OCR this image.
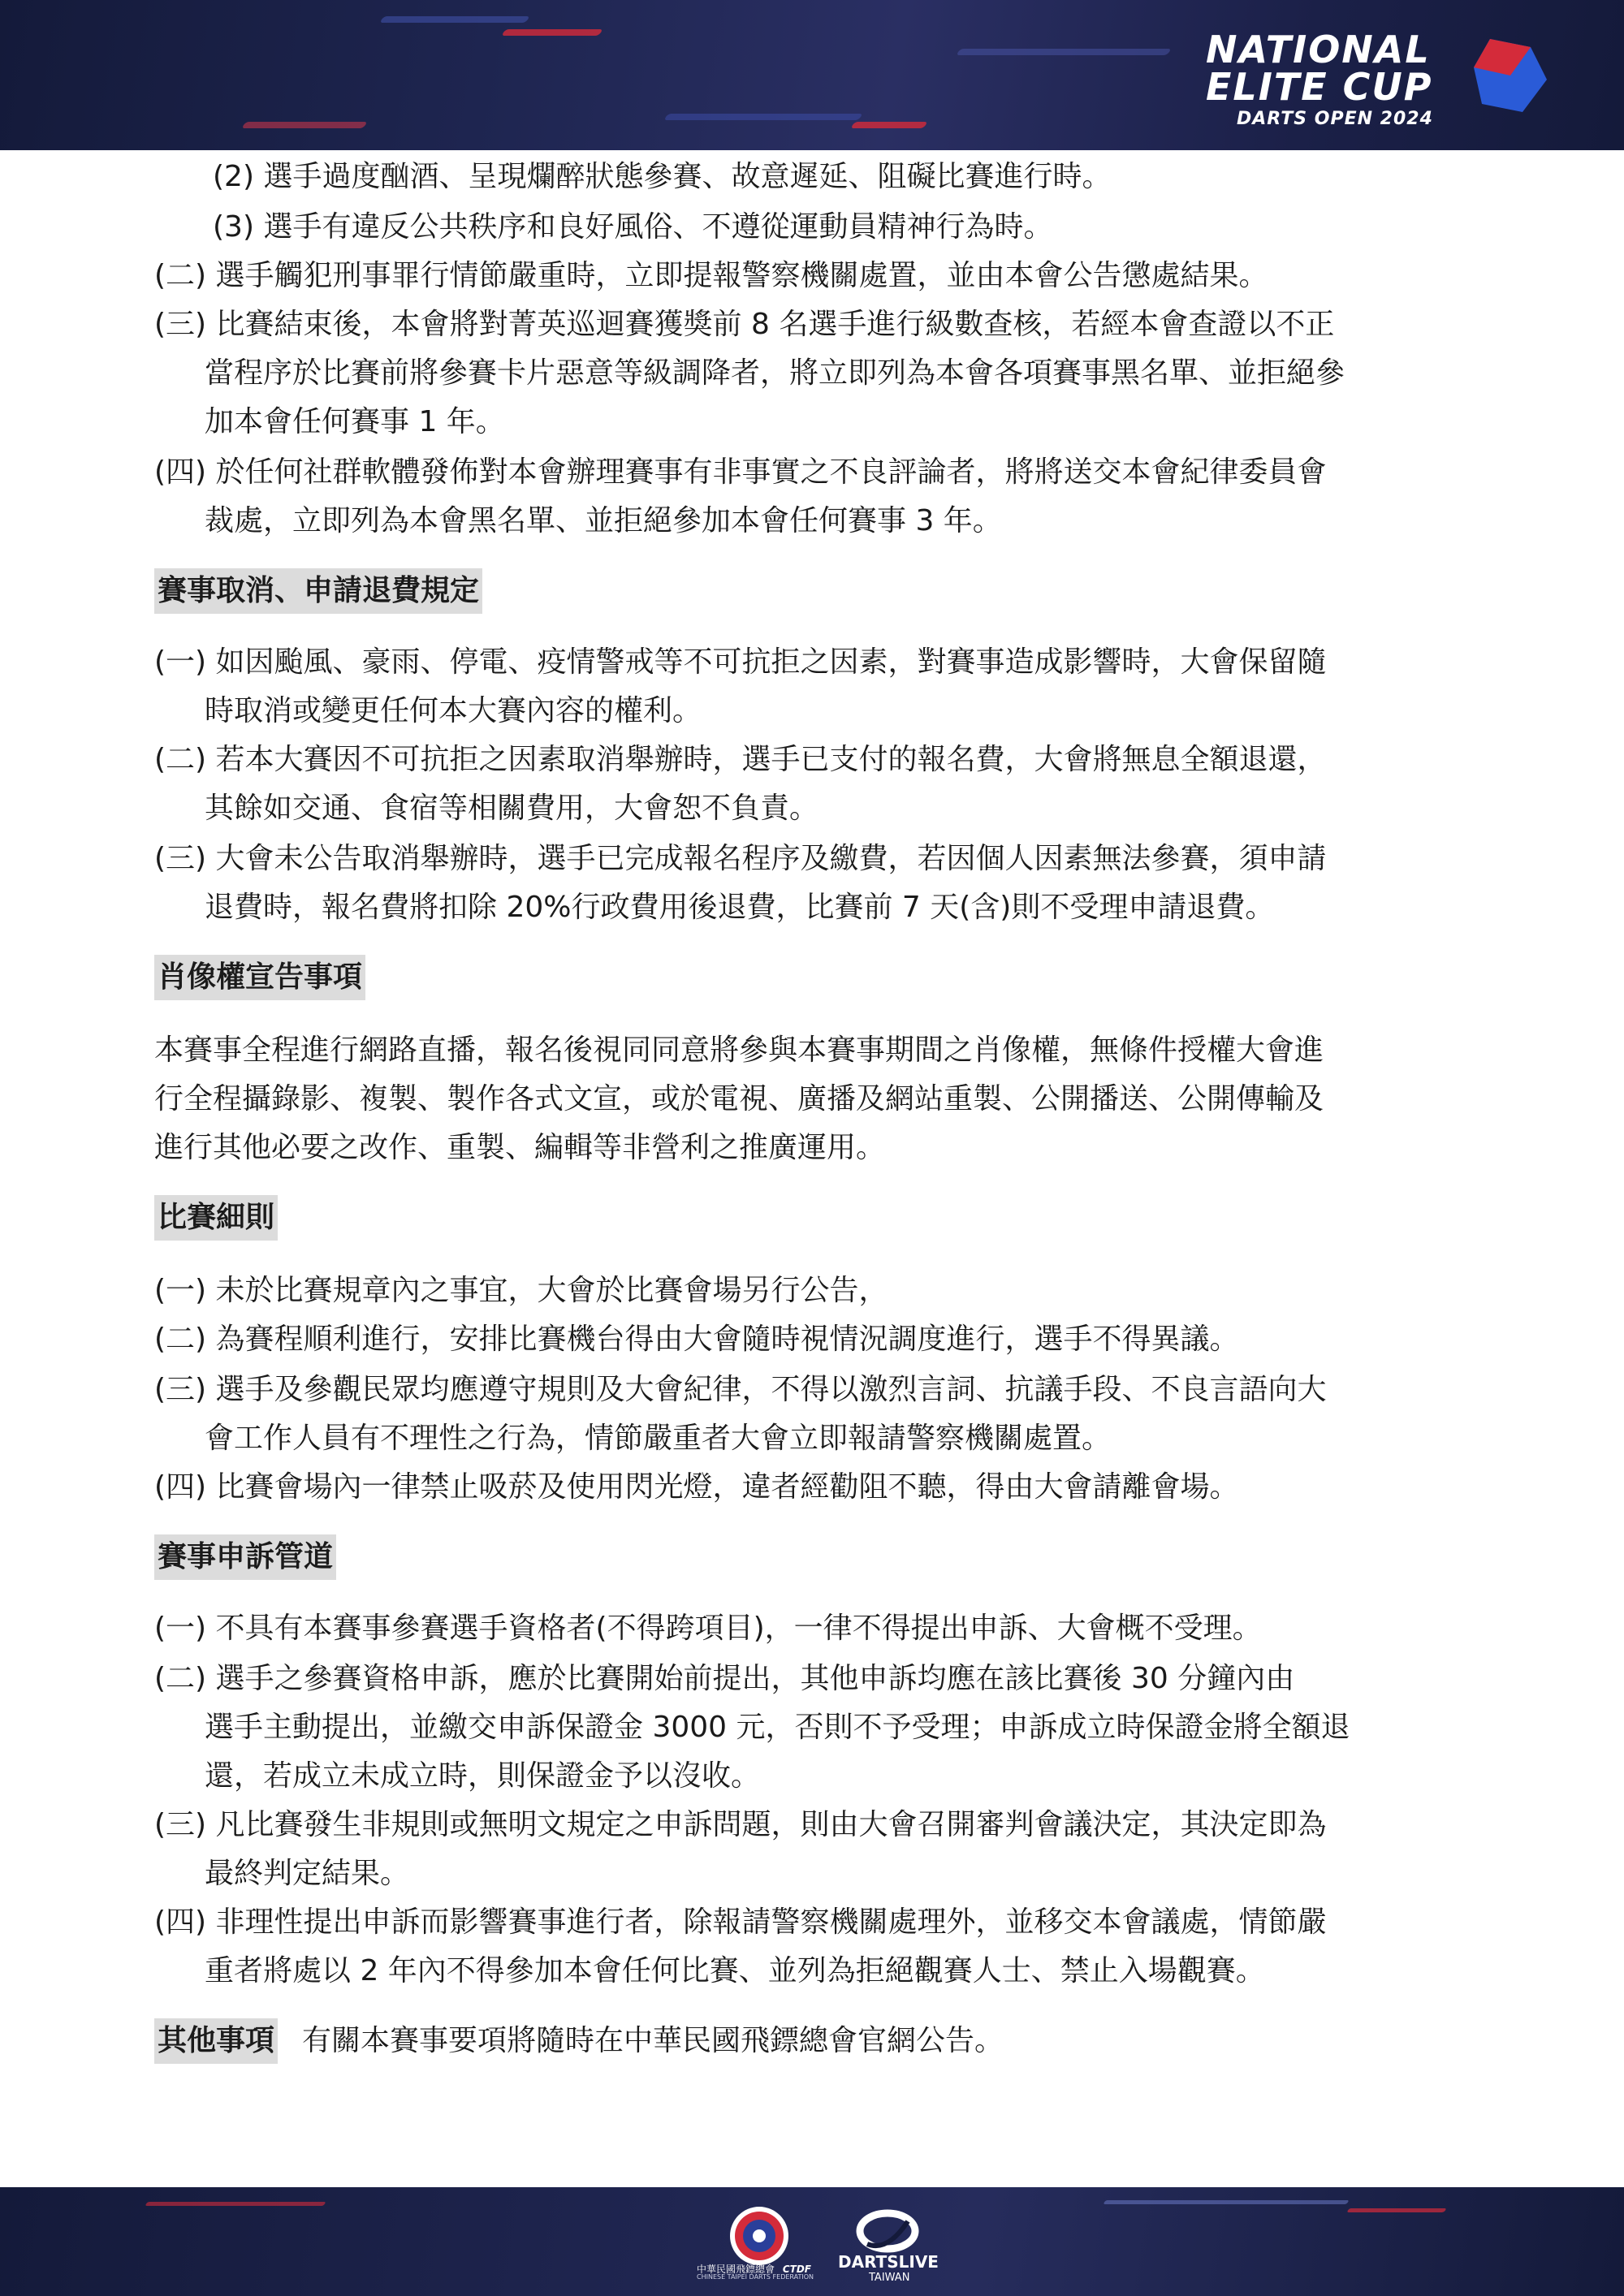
NATIONAL
ELITE CUP
DARTS OPEN 2024
(2) 選手過度酗酒、呈現爛醉狀態參賽、故意遲延、阻礙比賽進行時。
(3) 選手有違反公共秩序和良好風俗、不遵從運動員精神行為時。
(二) 選手觸犯刑事罪行情節嚴重時，立即提報警察機關處置，並由本會公告懲處結果。
(三) 比賽結束後，本會將對菁英巡迴賽獲獎前 8 名選手進行級數查核，若經本會查證以不正
當程序於比賽前將參賽卡片惡意等級調降者，將立即列為本會各項賽事黑名單、並拒絕參
加本會任何賽事 1 年。
(四) 於任何社群軟體發佈對本會辦理賽事有非事實之不良評論者，將將送交本會紀律委員會
裁處，立即列為本會黑名單、並拒絕參加本會任何賽事 3 年。
賽事取消、申請退費規定
(一) 如因颱風、豪雨、停電、疫情警戒等不可抗拒之因素，對賽事造成影響時，大會保留隨
時取消或變更任何本大賽內容的權利。
(二) 若本大賽因不可抗拒之因素取消舉辦時，選手已支付的報名費，大會將無息全額退還，
其餘如交通、食宿等相關費用，大會恕不負責。
(三) 大會未公告取消舉辦時，選手已完成報名程序及繳費，若因個人因素無法參賽，須申請
退費時，報名費將扣除 20%行政費用後退費，比賽前 7 天(含)則不受理申請退費。
肖像權宣告事項
本賽事全程進行網路直播，報名後視同同意將參與本賽事期間之肖像權，無條件授權大會進
行全程攝錄影、複製、製作各式文宣，或於電視、廣播及網站重製、公開播送、公開傳輸及
進行其他必要之改作、重製、編輯等非營利之推廣運用。
比賽細則
(一) 未於比賽規章內之事宜，大會於比賽會場另行公告，
(二) 為賽程順利進行，安排比賽機台得由大會隨時視情況調度進行，選手不得異議。
(三) 選手及參觀民眾均應遵守規則及大會紀律，不得以激烈言詞、抗議手段、不良言語向大
會工作人員有不理性之行為，情節嚴重者大會立即報請警察機關處置。
(四) 比賽會場內一律禁止吸菸及使用閃光燈，違者經勸阻不聽，得由大會請離會場。
賽事申訴管道
(一) 不具有本賽事參賽選手資格者(不得跨項目)，一律不得提出申訴、大會概不受理。
(二) 選手之參賽資格申訴，應於比賽開始前提出，其他申訴均應在該比賽後 30 分鐘內由
選手主動提出，並繳交申訴保證金 3000 元，否則不予受理；申訴成立時保證金將全額退
還，若成立未成立時，則保證金予以沒收。
(三) 凡比賽發生非規則或無明文規定之申訴問題，則由大會召開審判會議決定，其決定即為
最終判定結果。
(四) 非理性提出申訴而影響賽事進行者，除報請警察機關處理外，並移交本會議處，情節嚴
重者將處以 2 年內不得參加本會任何比賽、並列為拒絕觀賽人士、禁止入場觀賽。
其他事項 有關本賽事要項將隨時在中華民國飛鏢總會官網公告。
中華民國飛鏢總會 CTDF
CHINESE TAIPEI DARTS FEDERATION
DARTSLIVE
TAIWAN
